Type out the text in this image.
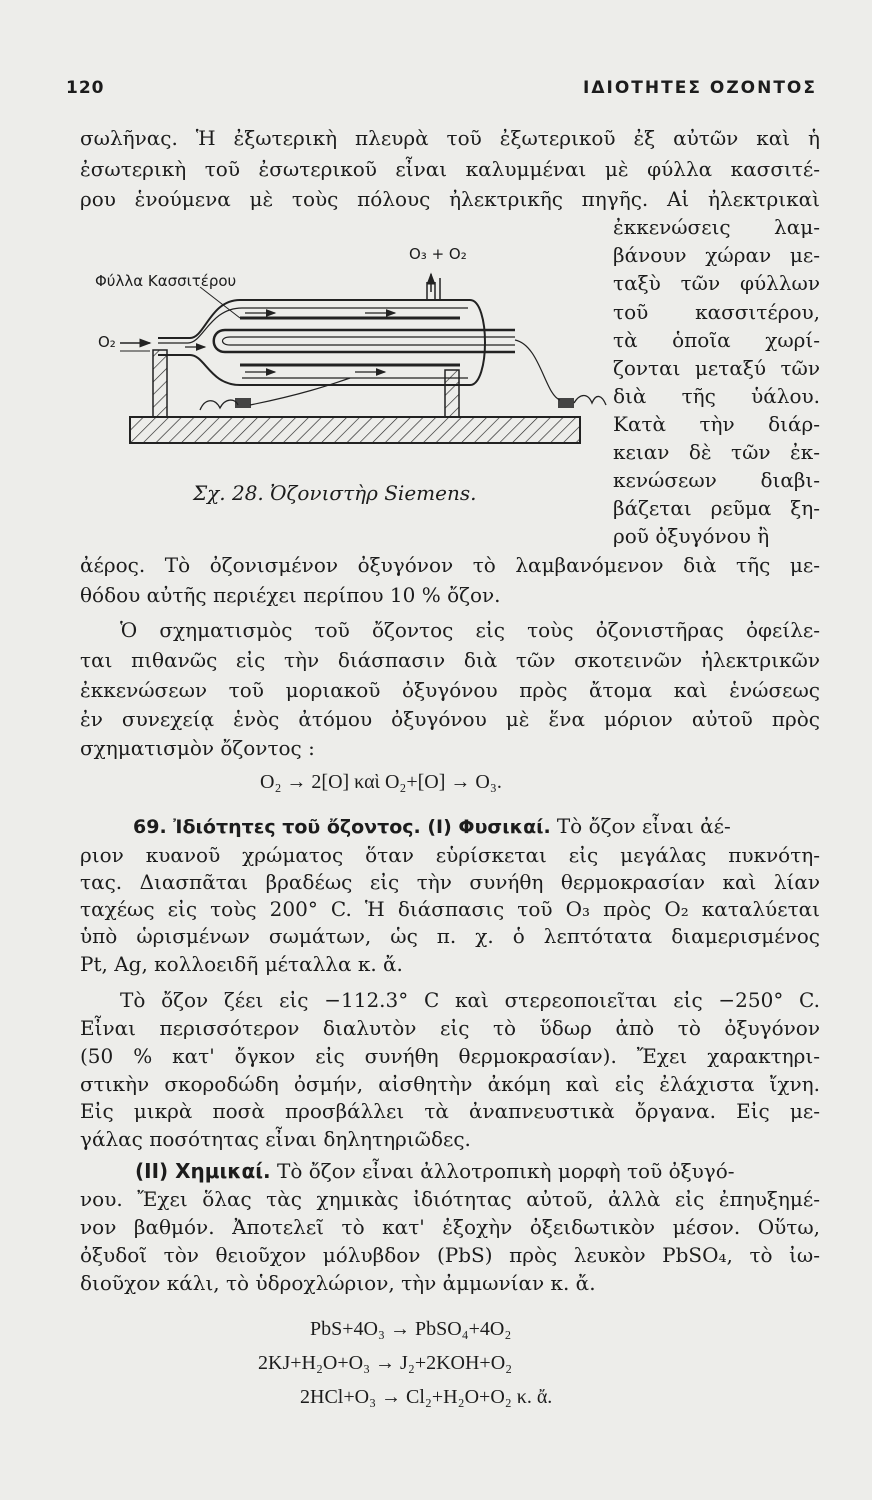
120	ΙΔΙΟΤΗΤΕΣ ΟΖΟΝΤΟΣ
σωλῆνας. Ἡ ἐξωτερικὴ πλευρὰ τοῦ ἐξωτερικοῦ ἐξ αὐτῶν καὶ ἡ
ἐσωτερικὴ τοῦ ἐσωτερικοῦ εἶναι καλυμμέναι μὲ φύλλα κασσιτέ-
ρου ἑνούμενα μὲ τοὺς πόλους ἠλεκτρικῆς πηγῆς. Αἱ ἠλεκτρικαὶ
ἐκκενώσεις λαμ-
βάνουν χώραν με-
ταξὺ τῶν φύλλων
τοῦ κασσιτέρου,
τὰ ὁποῖα χωρί-
ζονται μεταξύ τῶν
διὰ τῆς ὑάλου.
Κατὰ τὴν διάρ-
κειαν δὲ τῶν ἐκ-
κενώσεων διαβι-
βάζεται ρεῦμα ξη-
ροῦ ὀξυγόνου ἢ
Φύλλα Κασσιτέρου
O₂
O₃ + O₂
Σχ. 28. Ὀζονιστὴρ Siemens.
ἀέρος. Τὸ ὀζονισμένον ὀξυγόνον τὸ λαμβανόμενον διὰ τῆς με-
θόδου αὐτῆς περιέχει περίπου 10 % ὄζον.
Ὁ σχηματισμὸς τοῦ ὄζοντος εἰς τοὺς ὀζονιστῆρας ὀφείλε-
ται πιθανῶς εἰς τὴν διάσπασιν διὰ τῶν σκοτεινῶν ἠλεκτρικῶν
ἐκκενώσεων τοῦ μοριακοῦ ὀξυγόνου πρὸς ἄτομα καὶ ἑνώσεως
ἐν συνεχείᾳ ἑνὸς ἀτόμου ὀξυγόνου μὲ ἕνα μόριον αὐτοῦ πρὸς
σχηματισμὸν ὄζοντος :
O₂ → 2[O] καὶ O₂+[O] → O₃.
69. Ἰδιότητες τοῦ ὄζοντος. (I) Φυσικαί. Τὸ ὄζον εἶναι ἀέ-
ριον κυανοῦ χρώματος ὅταν εὑρίσκεται εἰς μεγάλας πυκνότη-
τας. Διασπᾶται βραδέως εἰς τὴν συνήθη θερμοκρασίαν καὶ λίαν
ταχέως εἰς τοὺς 200° C. Ἡ διάσπασις τοῦ O₃ πρὸς O₂ καταλύεται
ὑπὸ ὡρισμένων σωμάτων, ὡς π. χ. ὁ λεπτότατα διαμερισμένος
Pt, Ag, κολλοειδῆ μέταλλα κ. ἄ.
Τὸ ὄζον ζέει εἰς −112.3° C καὶ στερεοποιεῖται εἰς −250° C.
Εἶναι περισσότερον διαλυτὸν εἰς τὸ ὕδωρ ἀπὸ τὸ ὀξυγόνον
(50 % κατ' ὄγκον εἰς συνήθη θερμοκρασίαν). Ἔχει χαρακτηρι-
στικὴν σκοροδώδη ὀσμήν, αἰσθητὴν ἀκόμη καὶ εἰς ἐλάχιστα ἴχνη.
Εἰς μικρὰ ποσὰ προσβάλλει τὰ ἀναπνευστικὰ ὄργανα. Εἰς με-
γάλας ποσότητας εἶναι δηλητηριῶδες.
(II) Χημικαί. Τὸ ὄζον εἶναι ἀλλοτροπικὴ μορφὴ τοῦ ὀξυγό-
νου. Ἔχει ὅλας τὰς χημικὰς ἰδιότητας αὐτοῦ, ἀλλὰ εἰς ἐπηυξημέ-
νον βαθμόν. Ἀποτελεῖ τὸ κατ' ἐξοχὴν ὀξειδωτικὸν μέσον. Οὕτω,
ὀξυδοῖ τὸν θειοῦχον μόλυβδον (PbS) πρὸς λευκὸν PbSO₄, τὸ ἰω-
διοῦχον κάλι, τὸ ὑδροχλώριον, τὴν ἀμμωνίαν κ. ἄ.
PbS+4O₃ → PbSO₄+4O₂
2KJ+H₂O+O₃ → J₂+2KOH+O₂
2HCl+O₃ → Cl₂+H₂O+O₂ κ. ἄ.
